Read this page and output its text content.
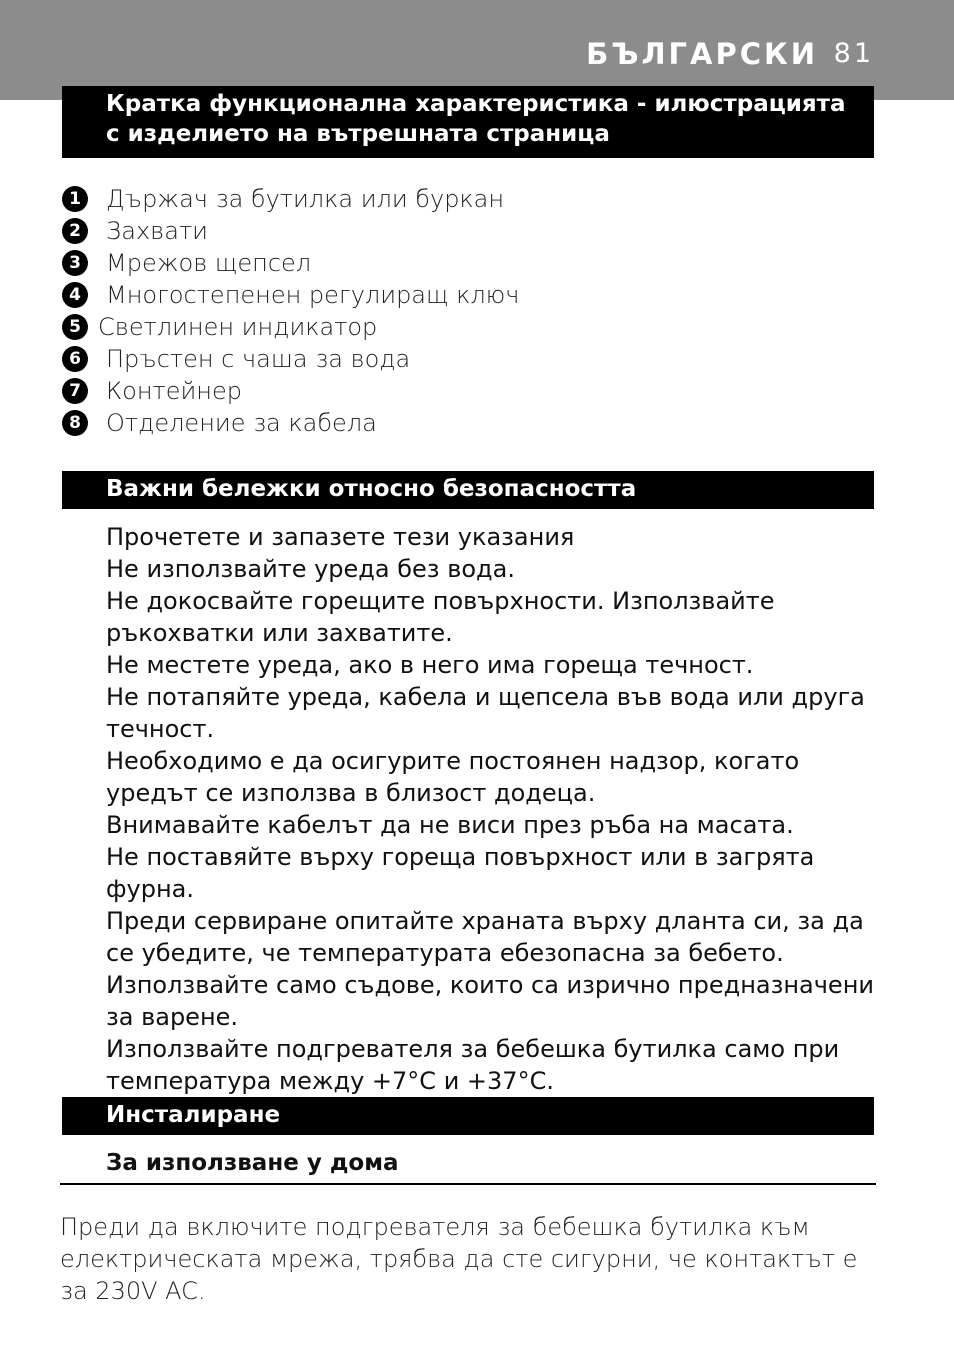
БЪЛГАРСКИ 81
Кратка функционална характеристика - илюстрацията
с изделието на вътрешната страница
1 Държач за бутилка или буркан
2 Захвати
3 Мрежов щепсел
4 Многостепенен регулиращ ключ
5 Светлинен индикатор
6 Пръстен с чаша за вода
7 Контейнер
8 Отделение за кабела
Важни бележки относно безопасността

Прочетете и запазете тези указания

Не използвайте уреда без вода.

Не докосвайте горещите повърхности. Използвайте ръкохватки или захватите.

Не местете уреда, ако в него има гореща течност.

Не потапяйте уреда, кабела и щепсела във вода или друга течност.

Необходимо е да осигурите постоянен надзор, когато уредът се използва в близост додеца.

Внимавайте кабелът да не виси през ръба на масата.

Не поставяйте върху гореща повърхност или в загрята фурна.

Преди сервиране опитайте храната върху дланта си, за да се убедите, че температурата ебезопасна за бебето.

Използвайте само съдове, които са изрично предназначени за варене.

Използвайте подгревателя за бебешка бутилка само при температура между +7°C и +37°C.

Инсталиране
За използване у дома

Преди да включите подгревателя за бебешка бутилка към електрическата мрежа, трябва да сте сигурни, че контактът е за 230V AC.
